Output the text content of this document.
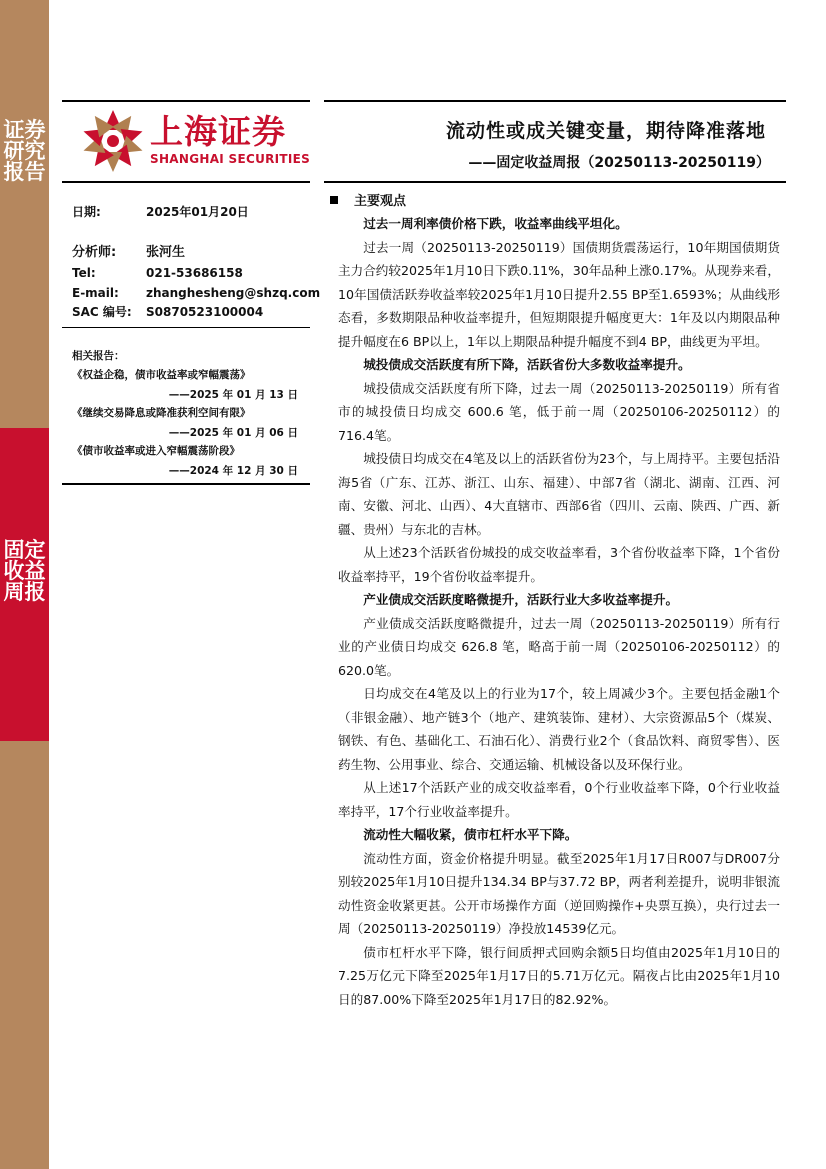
证券研究报告
固定收益周报
上海证券
SHANGHAI SECURITIES
流动性或成关键变量，期待降准落地
——固定收益周报（20250113-20250119）
日期:	2025年01月20日
分析师: 张河生
Tel:	021-53686158
E-mail: zhanghesheng@shzq.com
SAC 编号: S0870523100004
相关报告：
《权益企稳，债市收益率或窄幅震荡》
——2025 年 01 月 13 日
《继续交易降息或降准获利空间有限》
——2025 年 01 月 06 日
《债市收益率或进入窄幅震荡阶段》
——2024 年 12 月 30 日
主要观点

过去一周利率债价格下跌，收益率曲线平坦化。

过去一周（20250113-20250119）国债期货震荡运行，10年期国债期货主力合约较2025年1月10日下跌0.11%，30年品种上涨0.17%。从现券来看，10年国债活跃券收益率较2025年1月10日提升2.55 BP至1.6593%；从曲线形态看，多数期限品种收益率提升，但短期限提升幅度更大：1年及以内期限品种提升幅度在6 BP以上，1年以上期限品种提升幅度不到4 BP，曲线更为平坦。

城投债成交活跃度有所下降，活跃省份大多数收益率提升。

城投债成交活跃度有所下降，过去一周（20250113-20250119）所有省市的城投债日均成交 600.6 笔，低于前一周（20250106-20250112）的716.4笔。

城投债日均成交在4笔及以上的活跃省份为23个，与上周持平。主要包括沿海5省（广东、江苏、浙江、山东、福建）、中部7省（湖北、湖南、江西、河南、安徽、河北、山西）、4大直辖市、西部6省（四川、云南、陕西、广西、新疆、贵州）与东北的吉林。

从上述23个活跃省份城投的成交收益率看，3个省份收益率下降，1个省份收益率持平，19个省份收益率提升。

产业债成交活跃度略微提升，活跃行业大多收益率提升。

产业债成交活跃度略微提升，过去一周（20250113-20250119）所有行业的产业债日均成交 626.8 笔，略高于前一周（20250106-20250112）的620.0笔。

日均成交在4笔及以上的行业为17个，较上周减少3个。主要包括金融1个（非银金融）、地产链3个（地产、建筑装饰、建材）、大宗资源品5个（煤炭、钢铁、有色、基础化工、石油石化）、消费行业2个（食品饮料、商贸零售）、医药生物、公用事业、综合、交通运输、机械设备以及环保行业。

从上述17个活跃产业的成交收益率看，0个行业收益率下降，0个行业收益率持平，17个行业收益率提升。

流动性大幅收紧，债市杠杆水平下降。

流动性方面，资金价格提升明显。截至2025年1月17日R007与DR007分别较2025年1月10日提升134.34 BP与37.72 BP，两者利差提升，说明非银流动性资金收紧更甚。公开市场操作方面（逆回购操作+央票互换），央行过去一周（20250113-20250119）净投放14539亿元。

债市杠杆水平下降，银行间质押式回购余额5日均值由2025年1月10日的7.25万亿元下降至2025年1月17日的5.71万亿元。隔夜占比由2025年1月10日的87.00%下降至2025年1月17日的82.92%。
